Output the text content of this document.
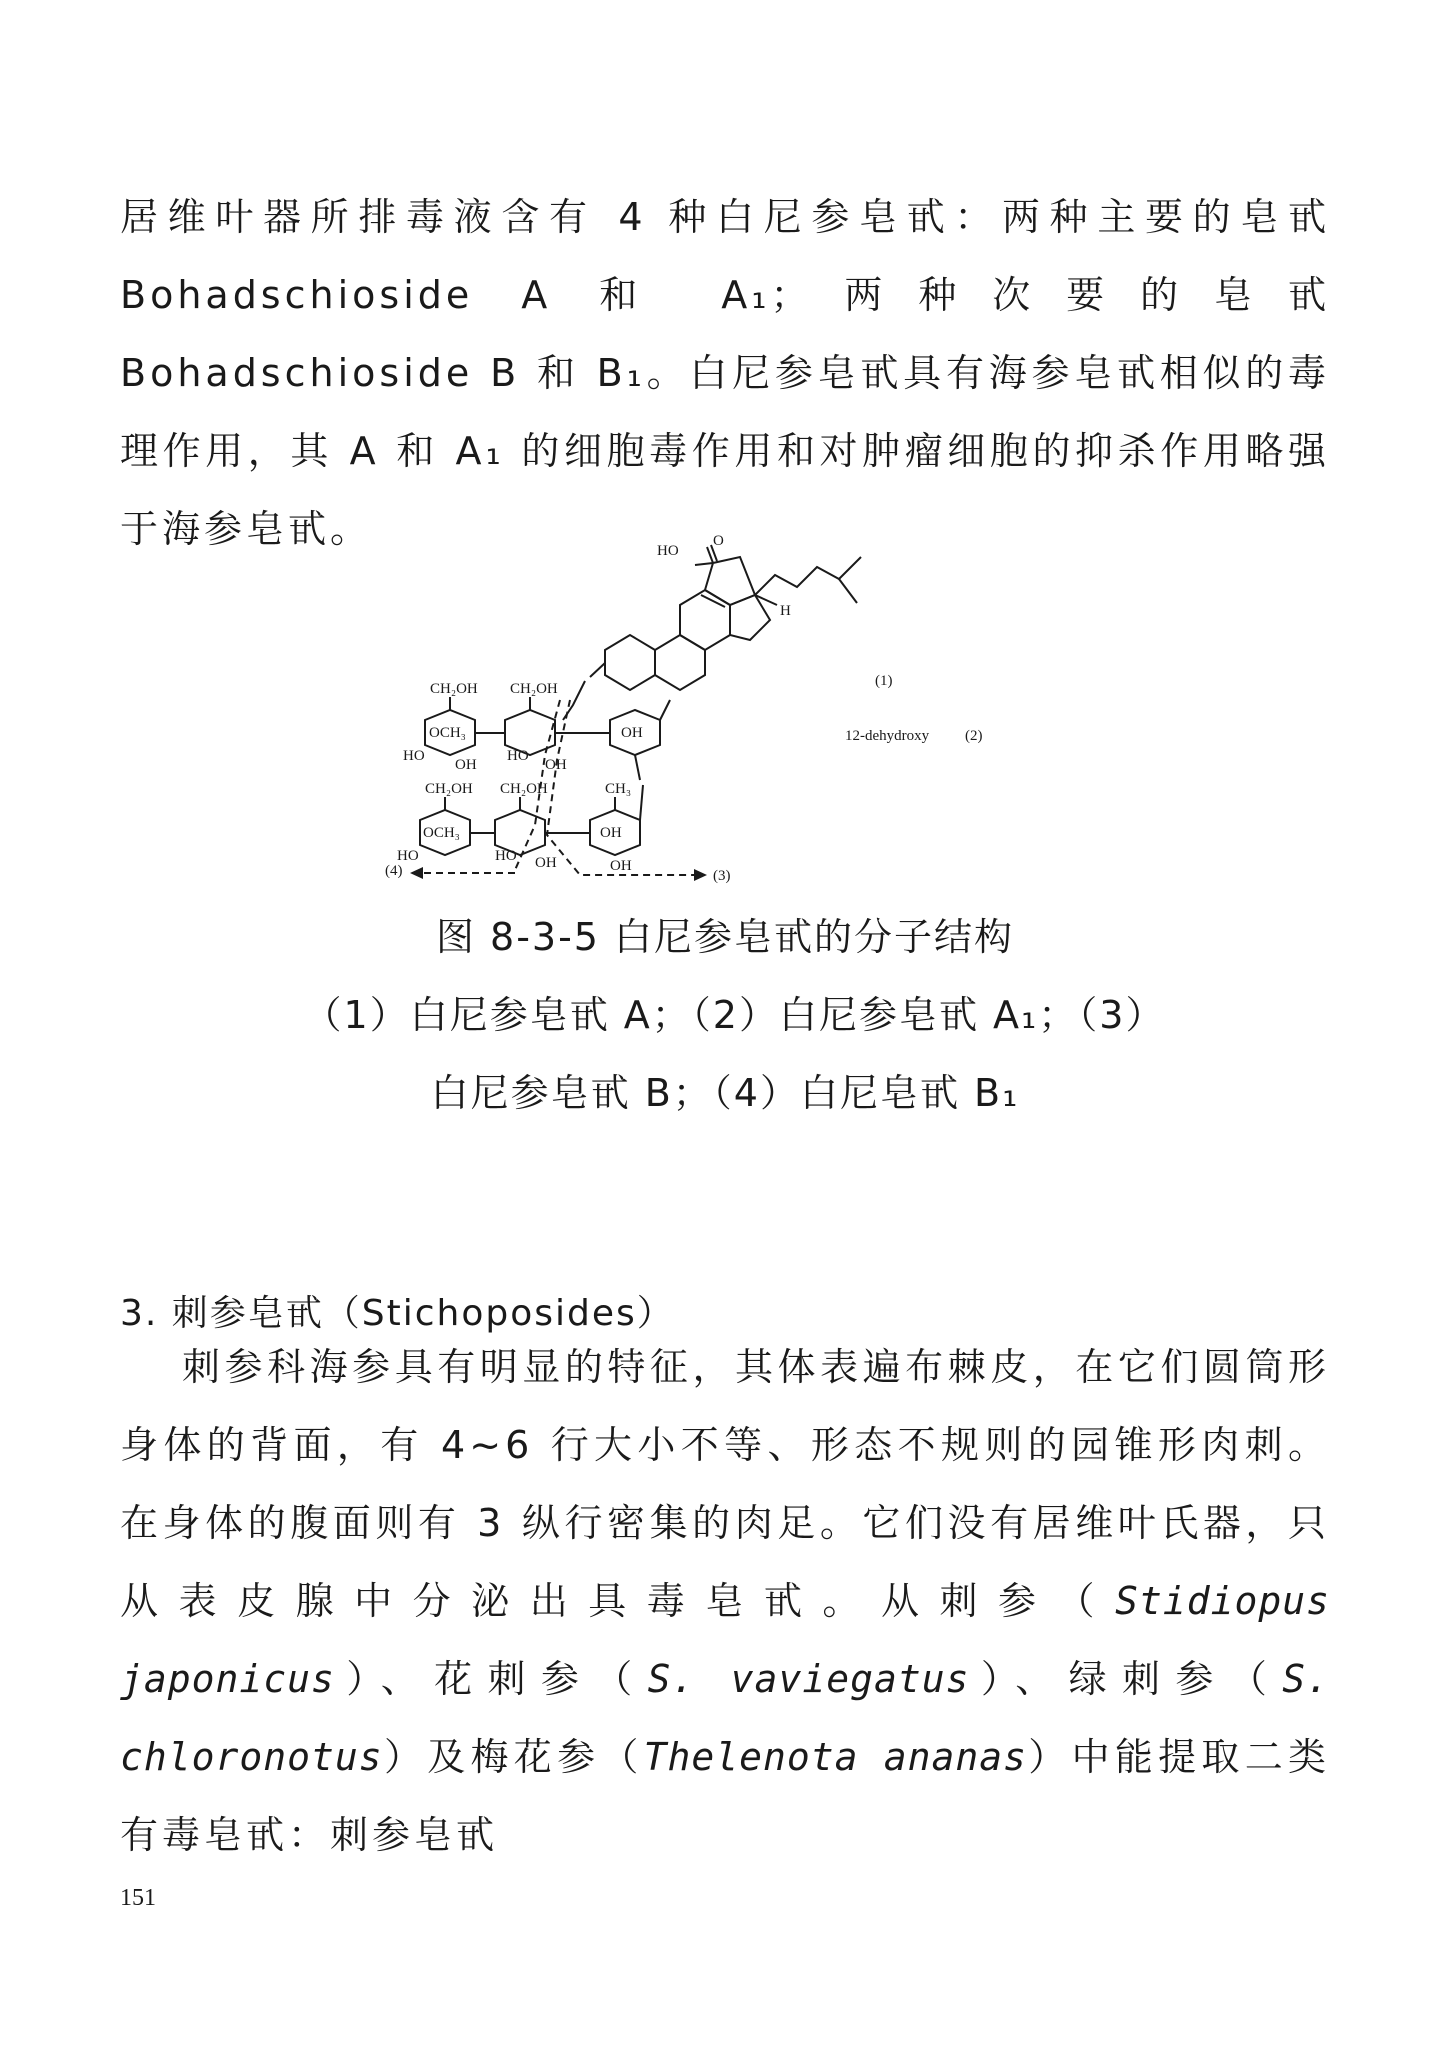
居维叶器所排毒液含有 4 种白尼参皂甙：两种主要的皂甙 Bohadschioside A 和 A₁；两种次要的皂甙 Bohadschioside B 和 B₁。白尼参皂甙具有海参皂甙相似的毒理作用，其 A 和 A₁ 的细胞毒作用和对肿瘤细胞的抑杀作用略强于海参皂甙。	HO
H
O
CH₂OH CH₂OH
OCH₃
HO
OH
HO
OH
OH
CH₂OH CH₂OH	CH₃
OCH₃
HO	HO OH
OH
OH
(1)
12-dehydroxy (2)
(3)
(4)

图 8-3-5 白尼参皂甙的分子结构

（1）白尼参皂甙 A；（2）白尼参皂甙 A₁；（3）白尼参皂甙 B；（4）白尼皂甙 B₁

3. 刺参皂甙（Stichoposides）

刺参科海参具有明显的特征，其体表遍布棘皮，在它们圆筒形身体的背面，有 4~6 行大小不等、形态不规则的园锥形肉刺。在身体的腹面则有 3 纵行密集的肉足。它们没有居维叶氏器，只从表皮腺中分泌出具毒皂甙。从刺参（Stidiopus japonicus）、花刺参（S. vaviegatus）、绿刺参（S. chloronotus）及梅花参（Thelenota ananas）中能提取二类有毒皂甙：刺参皂甙

151
